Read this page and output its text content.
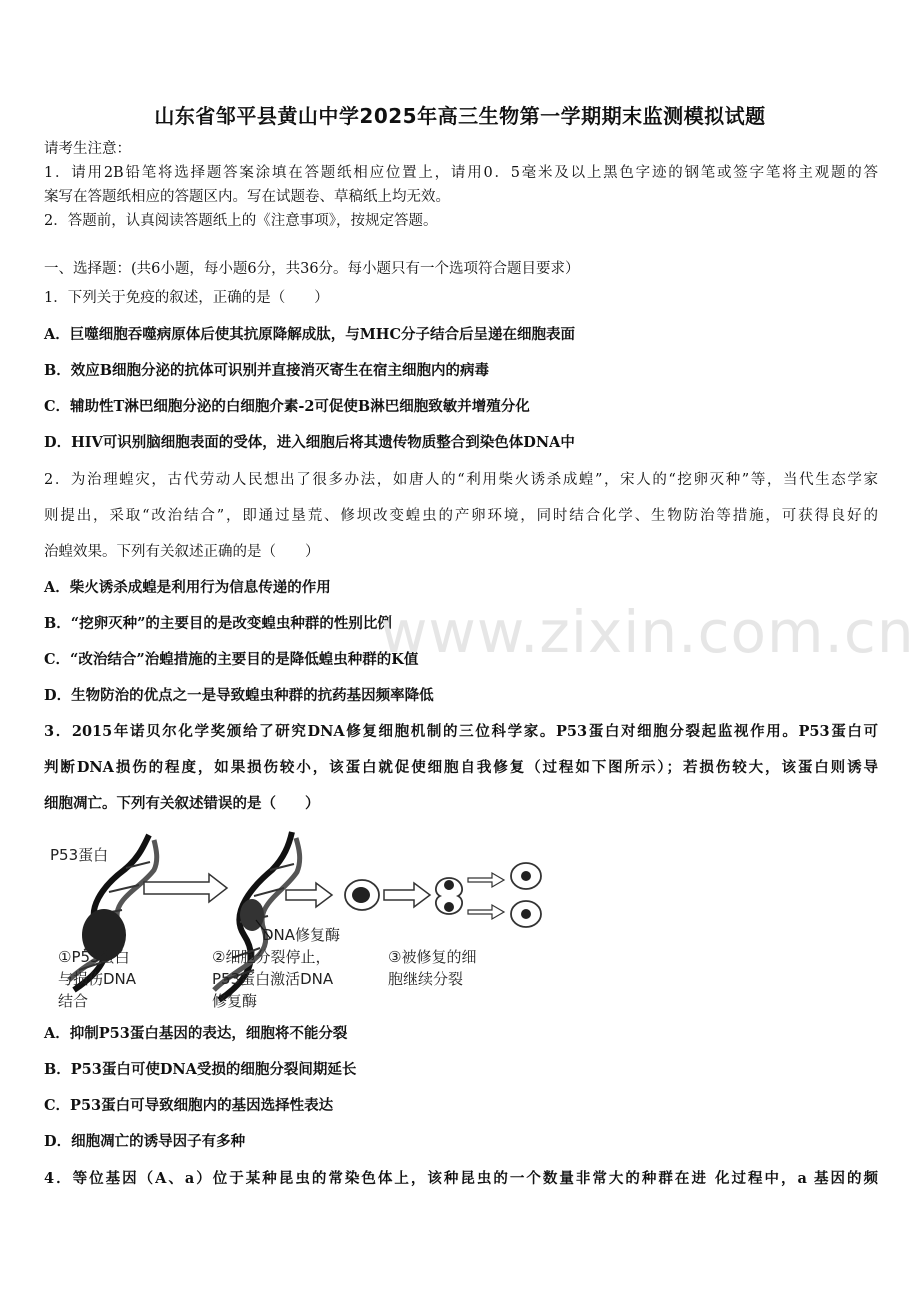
山东省邹平县黄山中学2025年高三生物第一学期期末监测模拟试题
请考生注意：
1．请用2B铅笔将选择题答案涂填在答题纸相应位置上，请用0．5毫米及以上黑色字迹的钢笔或签字笔将主观题的答
案写在答题纸相应的答题区内。写在试题卷、草稿纸上均无效。
2．答题前，认真阅读答题纸上的《注意事项》，按规定答题。
一、选择题：(共6小题，每小题6分，共36分。每小题只有一个选项符合题目要求）
1．下列关于免疫的叙述，正确的是（　　）
A．巨噬细胞吞噬病原体后使其抗原降解成肽，与MHC分子结合后呈递在细胞表面
B．效应B细胞分泌的抗体可识别并直接消灭寄生在宿主细胞内的病毒
C．辅助性T淋巴细胞分泌的白细胞介素-2可促使B淋巴细胞致敏并增殖分化
D．HIV可识别脑细胞表面的受体，进入细胞后将其遗传物质整合到染色体DNA中
2．为治理蝗灾，古代劳动人民想出了很多办法，如唐人的“利用柴火诱杀成蝗”，宋人的“挖卵灭种”等，当代生态学家
则提出，采取“改治结合”，即通过垦荒、修坝改变蝗虫的产卵环境，同时结合化学、生物防治等措施，可获得良好的
治蝗效果。下列有关叙述正确的是（　　）
A．柴火诱杀成蝗是利用行为信息传递的作用
B．“挖卵灭种”的主要目的是改变蝗虫种群的性别比例
C．“改治结合”治蝗措施的主要目的是降低蝗虫种群的K值
D．生物防治的优点之一是导致蝗虫种群的抗药基因频率降低
www.zixin.com.cn
3．2015年诺贝尔化学奖颁给了研究DNA修复细胞机制的三位科学家。P53蛋白对细胞分裂起监视作用。P53蛋白可
判断DNA损伤的程度，如果损伤较小，该蛋白就促使细胞自我修复（过程如下图所示）；若损伤较大，该蛋白则诱导
细胞凋亡。下列有关叙述错误的是（　　）
P53蛋白
DNA修复酶
①P53蛋白
与损伤DNA
结合
②细胞分裂停止，
P53蛋白激活DNA
修复酶
③被修复的细
胞继续分裂
A．抑制P53蛋白基因的表达，细胞将不能分裂
B．P53蛋白可使DNA受损的细胞分裂间期延长
C．P53蛋白可导致细胞内的基因选择性表达
D．细胞凋亡的诱导因子有多种
4．等位基因（A、a）位于某种昆虫的常染色体上，该种昆虫的一个数量非常大的种群在进 化过程中，a 基因的频
